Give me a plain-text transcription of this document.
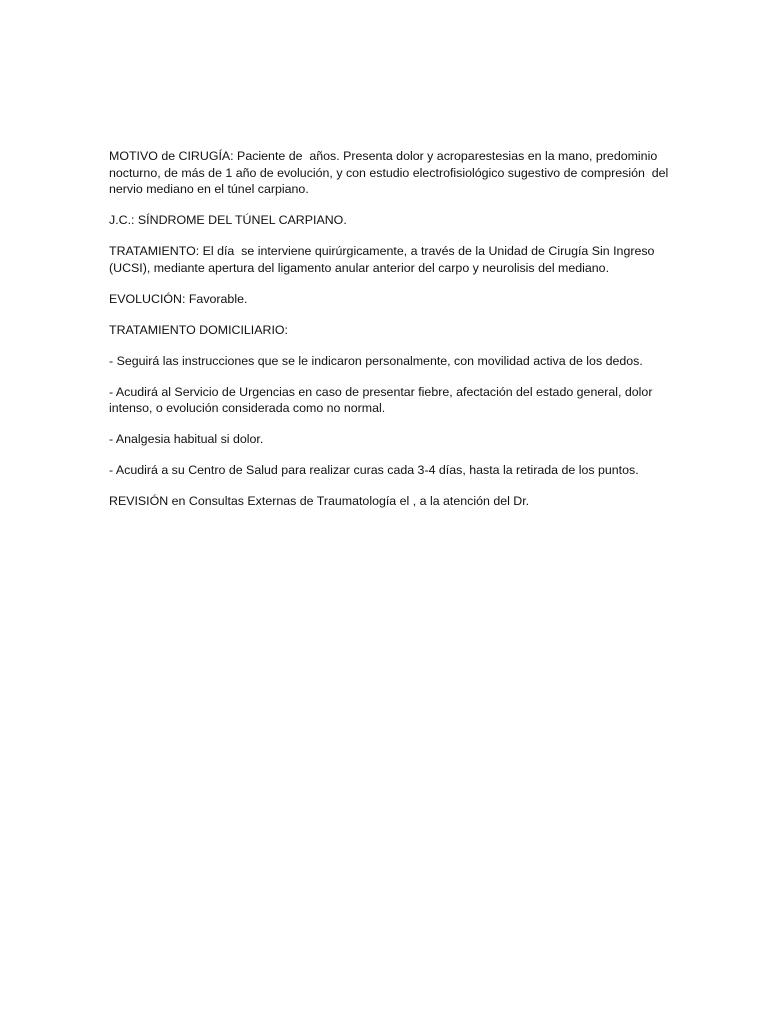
MOTIVO de CIRUGÍA: Paciente de  años. Presenta dolor y acroparestesias en la mano, predominio nocturno, de más de 1 año de evolución, y con estudio electrofisiológico sugestivo de compresión  del nervio mediano en el túnel carpiano.

J.C.: SÍNDROME DEL TÚNEL CARPIANO.

TRATAMIENTO: El día  se interviene quirúrgicamente, a través de la Unidad de Cirugía Sin Ingreso (UCSI), mediante apertura del ligamento anular anterior del carpo y neurolisis del mediano.

EVOLUCIÓN: Favorable.

TRATAMIENTO DOMICILIARIO:

- Seguirá las instrucciones que se le indicaron personalmente, con movilidad activa de los dedos.

- Acudirá al Servicio de Urgencias en caso de presentar fiebre, afectación del estado general, dolor intenso, o evolución considerada como no normal.

- Analgesia habitual si dolor.

- Acudirá a su Centro de Salud para realizar curas cada 3-4 días, hasta la retirada de los puntos.

REVISIÓN en Consultas Externas de Traumatología el , a la atención del Dr.
